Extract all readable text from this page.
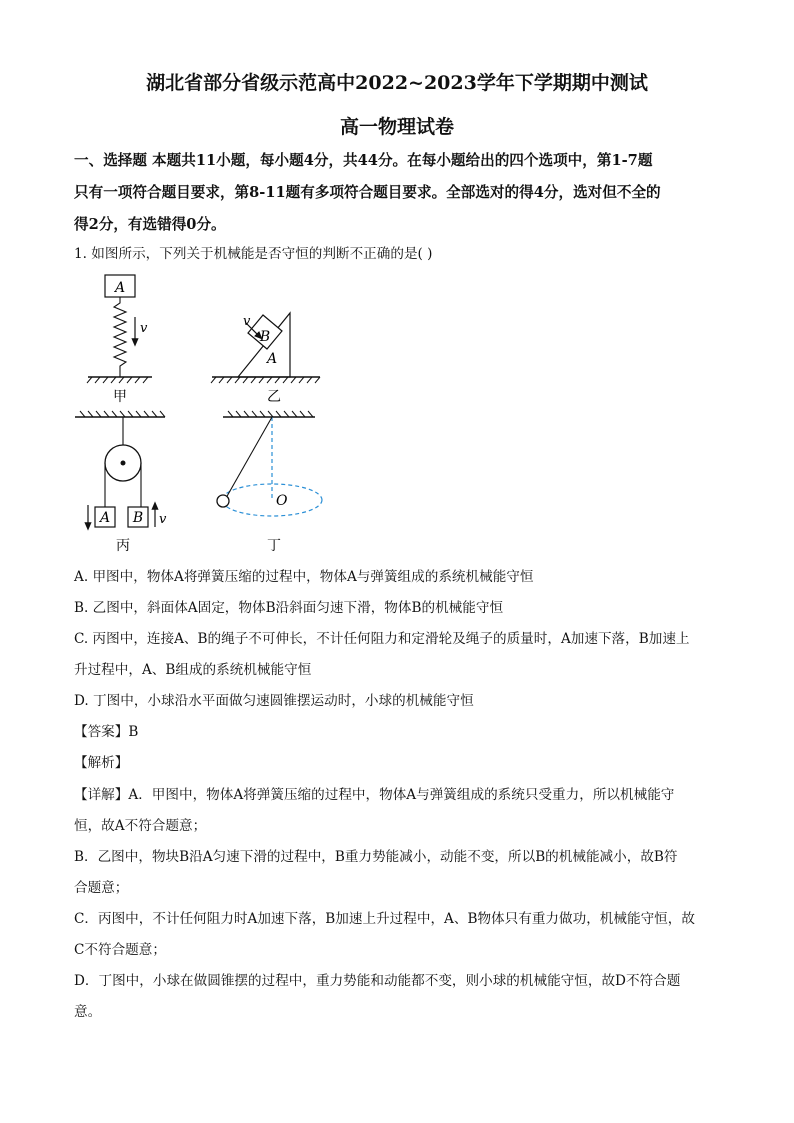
湖北省部分省级示范高中2022~2023学年下学期期中测试
高一物理试卷
一、选择题 本题共11小题，每小题4分，共44分。在每小题给出的四个选项中，第1-7题
只有一项符合题目要求，第8-11题有多项符合题目要求。全部选对的得4分，选对但不全的
得2分，有选错得0分。
1. 如图所示，下列关于机械能是否守恒的判断不正确的是( )
A
v
甲
B
A
v
乙
A B v
丙
O
丁
A. 甲图中，物体A将弹簧压缩的过程中，物体A与弹簧组成的系统机械能守恒
B. 乙图中，斜面体A固定，物体B沿斜面匀速下滑，物体B的机械能守恒
C. 丙图中，连接A、B的绳子不可伸长，不计任何阻力和定滑轮及绳子的质量时，A加速下落，B加速上
升过程中，A、B组成的系统机械能守恒
D. 丁图中，小球沿水平面做匀速圆锥摆运动时，小球的机械能守恒
【答案】B
【解析】
【详解】A．甲图中，物体A将弹簧压缩的过程中，物体A与弹簧组成的系统只受重力，所以机械能守
恒，故A不符合题意；
B．乙图中，物块B沿A匀速下滑的过程中，B重力势能减小，动能不变，所以B的机械能减小，故B符
合题意；
C．丙图中，不计任何阻力时A加速下落，B加速上升过程中，A、B物体只有重力做功，机械能守恒，故
C不符合题意；
D．丁图中，小球在做圆锥摆的过程中，重力势能和动能都不变，则小球的机械能守恒，故D不符合题
意。
